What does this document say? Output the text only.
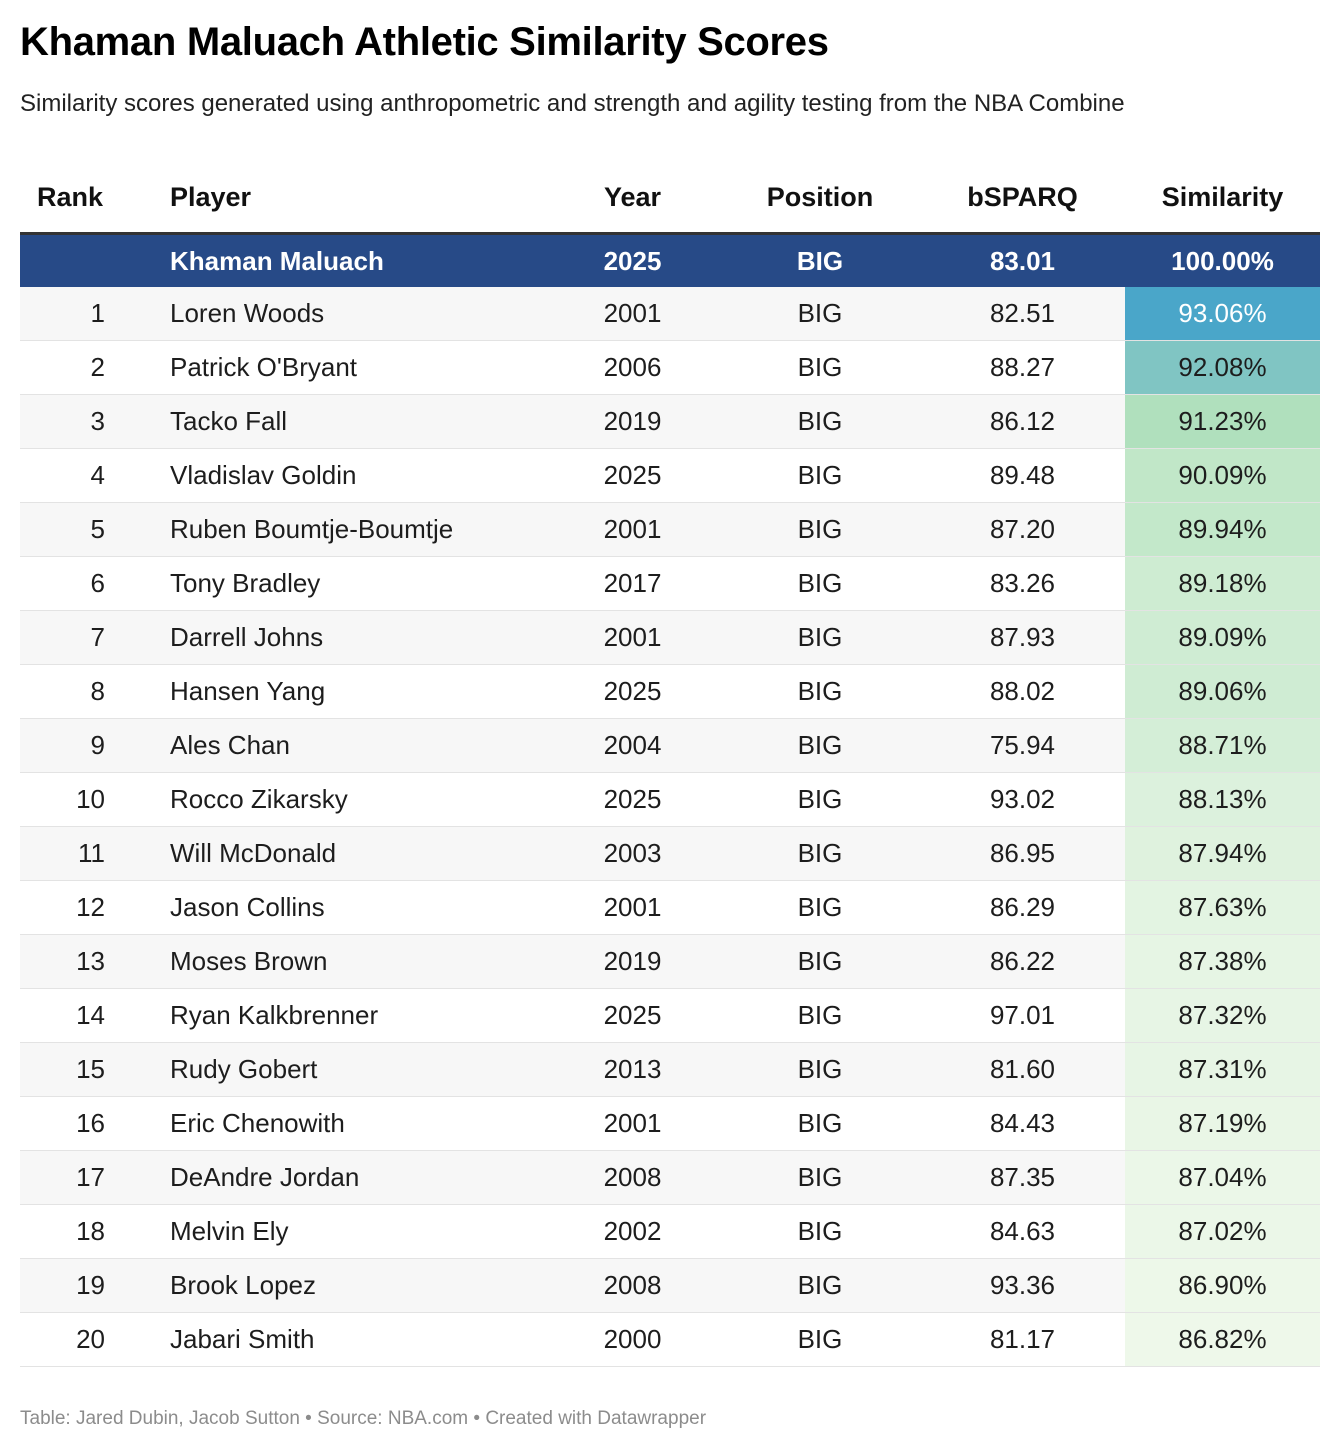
Khaman Maluach Athletic Similarity Scores
Similarity scores generated using anthropometric and strength and agility testing from the NBA Combine
Rank	Player	Year	Position	bSPARQ	Similarity
	Khaman Maluach	2025	BIG	83.01	100.00%
1	Loren Woods	2001	BIG	82.51	93.06%
2	Patrick O'Bryant	2006	BIG	88.27	92.08%
3	Tacko Fall	2019	BIG	86.12	91.23%
4	Vladislav Goldin	2025	BIG	89.48	90.09%
5	Ruben Boumtje-Boumtje	2001	BIG	87.20	89.94%
6	Tony Bradley	2017	BIG	83.26	89.18%
7	Darrell Johns	2001	BIG	87.93	89.09%
8	Hansen Yang	2025	BIG	88.02	89.06%
9	Ales Chan	2004	BIG	75.94	88.71%
10	Rocco Zikarsky	2025	BIG	93.02	88.13%
11	Will McDonald	2003	BIG	86.95	87.94%
12	Jason Collins	2001	BIG	86.29	87.63%
13	Moses Brown	2019	BIG	86.22	87.38%
14	Ryan Kalkbrenner	2025	BIG	97.01	87.32%
15	Rudy Gobert	2013	BIG	81.60	87.31%
16	Eric Chenowith	2001	BIG	84.43	87.19%
17	DeAndre Jordan	2008	BIG	87.35	87.04%
18	Melvin Ely	2002	BIG	84.63	87.02%
19	Brook Lopez	2008	BIG	93.36	86.90%
20	Jabari Smith	2000	BIG	81.17	86.82%
Table: Jared Dubin, Jacob Sutton • Source: NBA.com • Created with Datawrapper
